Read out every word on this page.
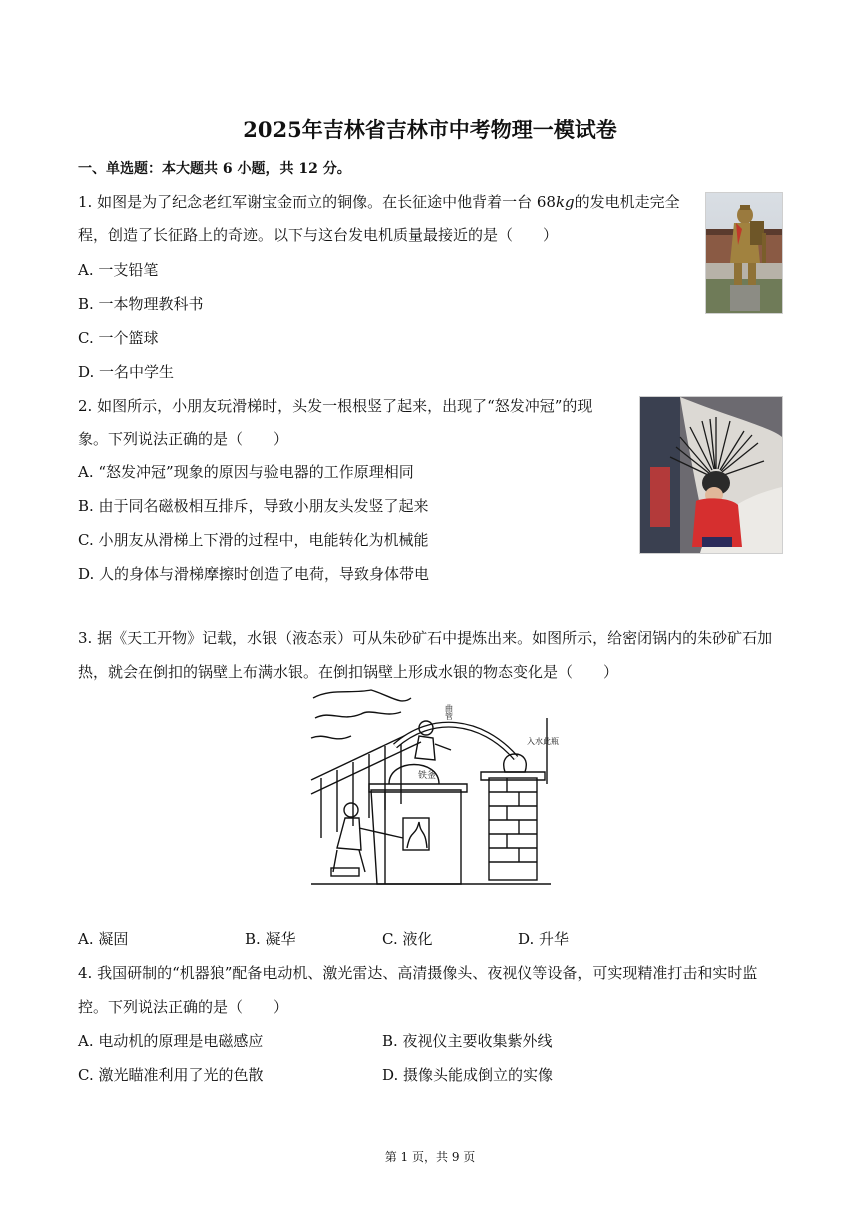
2025年吉林省吉林市中考物理一模试卷
一、单选题：本大题共 6 小题，共 12 分。
1. 如图是为了纪念老红军谢宝金而立的铜像。在长征途中他背着一台 68kg的发电机走完全
程，创造了长征路上的奇迹。以下与这台发电机质量最接近的是（　　）
A. 一支铅笔
B. 一本物理教科书
C. 一个篮球
D. 一名中学生
2. 如图所示，小朋友玩滑梯时，头发一根根竖了起来，出现了“怒发冲冠”的现
象。下列说法正确的是（　　）
A. “怒发冲冠”现象的原因与验电器的工作原理相同
B. 由于同名磁极相互排斥，导致小朋友头发竖了起来
C. 小朋友从滑梯上下滑的过程中，电能转化为机械能
D. 人的身体与滑梯摩擦时创造了电荷，导致身体带电
3. 据《天工开物》记载，水银（液态汞）可从朱砂矿石中提炼出来。如图所示，给密闭锅内的朱砂矿石加
热，就会在倒扣的锅壁上布满水银。在倒扣锅壁上形成水银的物态变化是（　　）
铁釜
曲管
入水此瓶
A. 凝固	B. 凝华	C. 液化	D. 升华
4. 我国研制的“机器狼”配备电动机、激光雷达、高清摄像头、夜视仪等设备，可实现精准打击和实时监
控。下列说法正确的是（　　）
A. 电动机的原理是电磁感应	B. 夜视仪主要收集紫外线
C. 激光瞄准利用了光的色散	D. 摄像头能成倒立的实像
第 1 页，共 9 页
